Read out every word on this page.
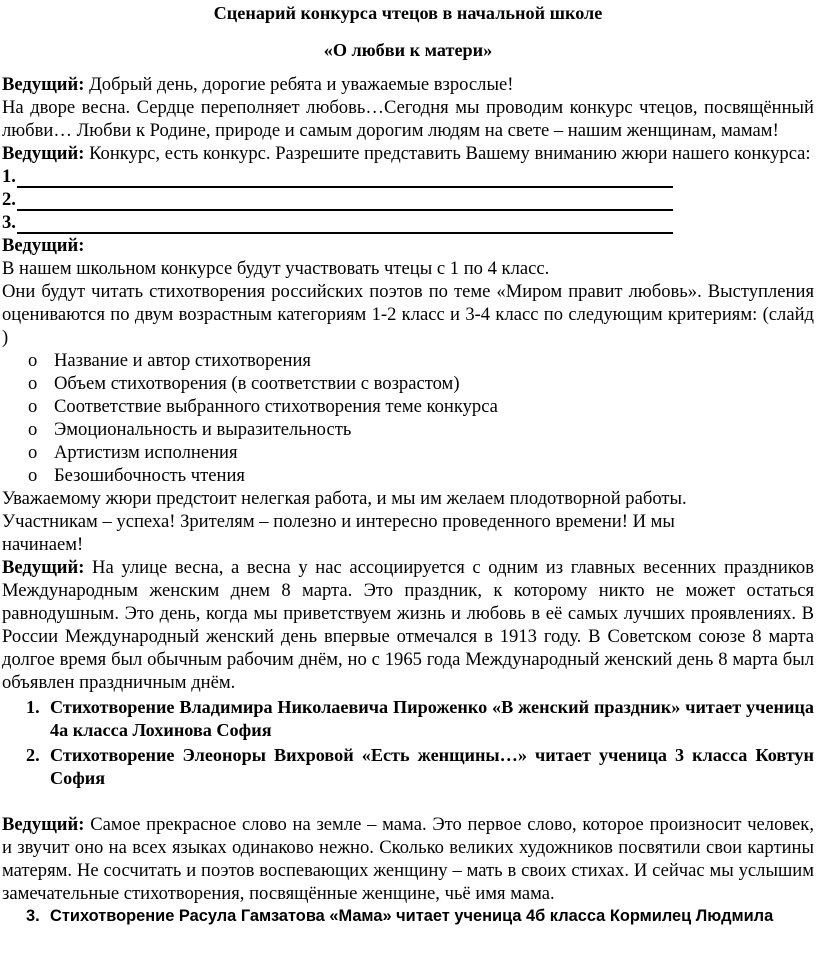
Сценарий конкурса чтецов в начальной школе

«О любви к матери»

Ведущий: Добрый день, дорогие ребята и уважаемые взрослые!

На дворе весна. Сердце переполняет любовь…Сегодня мы проводим конкурс чтецов, посвящённый любви… Любви к Родине, природе и самым дорогим людям на свете – нашим женщинам, мамам!

Ведущий: Конкурс, есть конкурс. Разрешите представить Вашему вниманию жюри нашего конкурса:

1.
2.
3.

Ведущий:

В нашем школьном конкурсе будут участвовать чтецы с 1 по 4 класс.

Они будут читать стихотворения российских поэтов по теме «Миром правит любовь». Выступления оцениваются по двум возрастным категориям 1-2 класс и 3-4 класс по следующим критериям: (слайд )

o Название и автор стихотворения
o Объем стихотворения (в соответствии с возрастом)
o Соответствие выбранного стихотворения теме конкурса
o Эмоциональность и выразительность
o Артистизм исполнения
o Безошибочность чтения

Уважаемому жюри предстоит нелегкая работа, и мы им желаем плодотворной работы.

Участникам – успеха! Зрителям – полезно и интересно проведенного времени! И мы

начинаем!

Ведущий: На улице весна, а весна у нас ассоциируется с одним из главных весенних праздников Международным женским днем 8 марта. Это праздник, к которому никто не может остаться равнодушным. Это день, когда мы приветствуем жизнь и любовь в её самых лучших проявлениях. В России Международный женский день впервые отмечался в 1913 году. В Советском союзе 8 марта долгое время был обычным рабочим днём, но с 1965 года Международный женский день 8 марта был объявлен праздничным днём.

1. Стихотворение Владимира Николаевича Пироженко «В женский праздник» читает ученица 4а класса Лохинова София
2. Стихотворение Элеоноры Вихровой «Есть женщины…» читает ученица 3 класса Ковтун София

Ведущий: Самое прекрасное слово на земле – мама. Это первое слово, которое произносит человек, и звучит оно на всех языках одинаково нежно. Сколько великих художников посвятили свои картины матерям. Не сосчитать и поэтов воспевающих женщину – мать в своих стихах. И сейчас мы услышим замечательные стихотворения, посвящённые женщине, чьё имя мама.

3. Стихотворение Расула Гамзатова «Мама» читает ученица 4б класса Кормилец Людмила
